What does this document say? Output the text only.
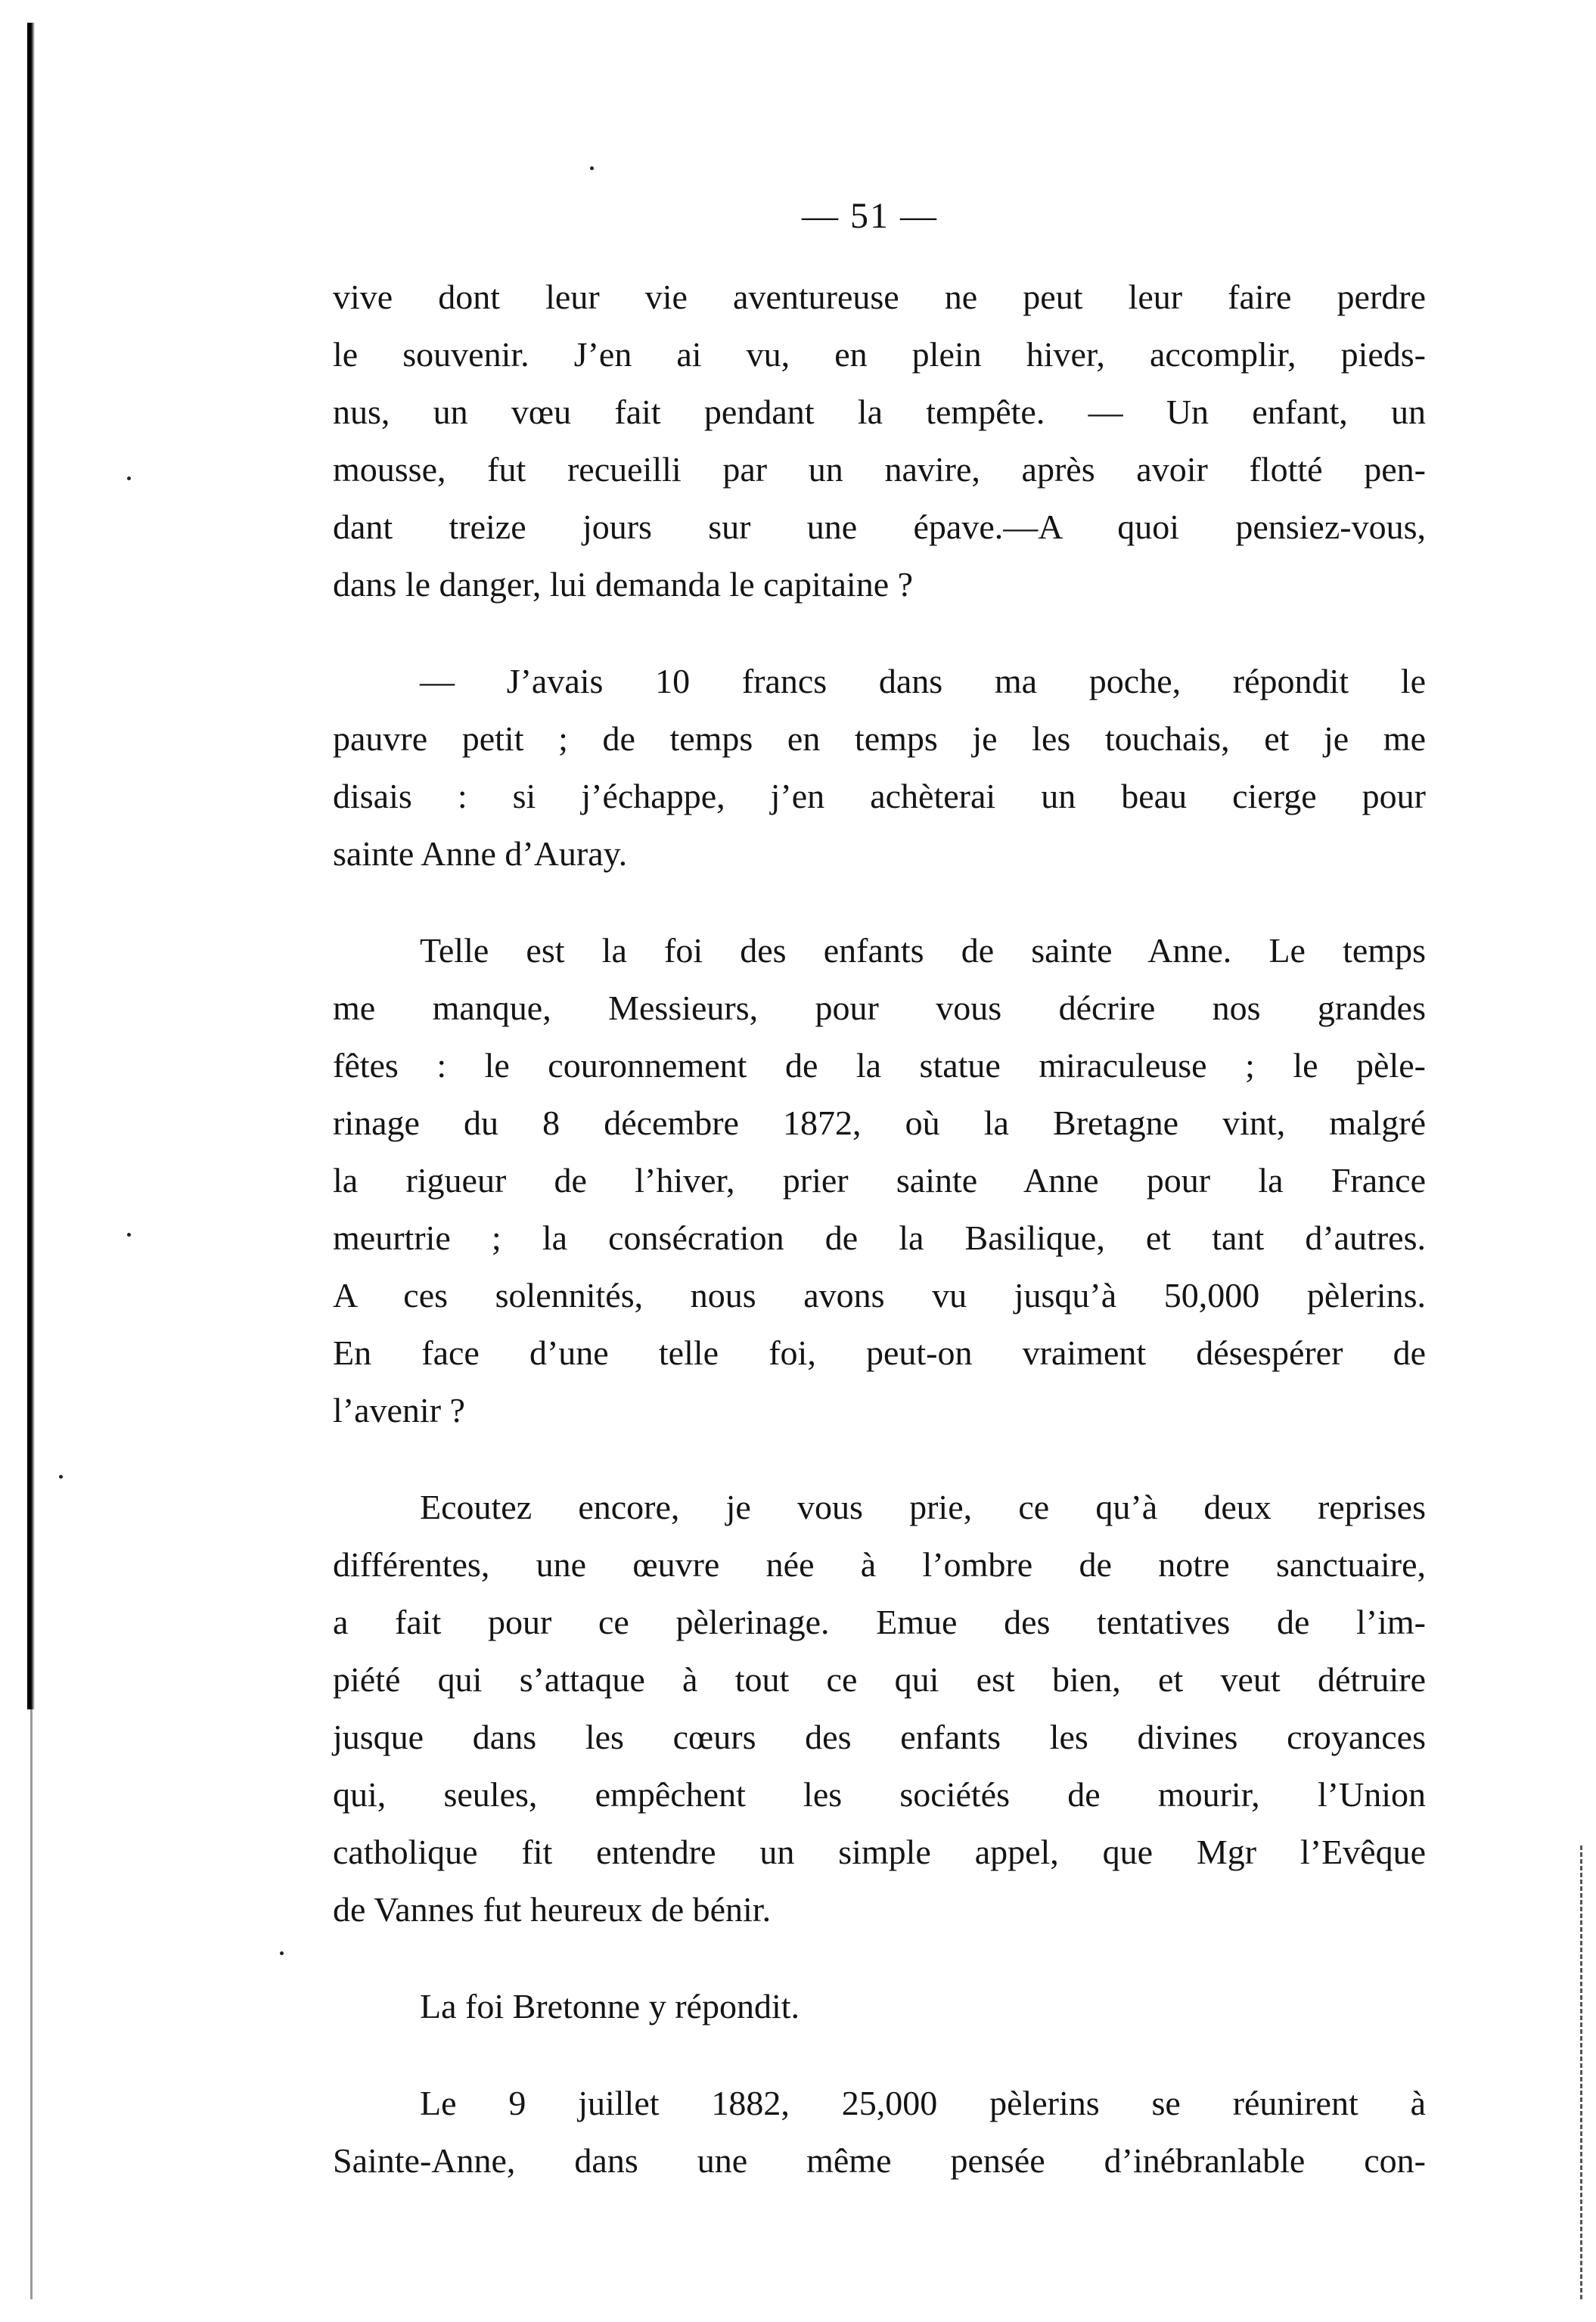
— 51 —
vive dont leur vie aventureuse ne peut leur faire perdre
le souvenir. J’en ai vu, en plein hiver, accomplir, pieds-
nus, un vœu fait pendant la tempête. — Un enfant, un
mousse, fut recueilli par un navire, après avoir flotté pen-
dant treize jours sur une épave.—A quoi pensiez-vous,
dans le danger, lui demanda le capitaine ?
— J’avais 10 francs dans ma poche, répondit le
pauvre petit ; de temps en temps je les touchais, et je me
disais : si j’échappe, j’en achèterai un beau cierge pour
sainte Anne d’Auray.
Telle est la foi des enfants de sainte Anne. Le temps
me manque, Messieurs, pour vous décrire nos grandes
fêtes : le couronnement de la statue miraculeuse ; le pèle-
rinage du 8 décembre 1872, où la Bretagne vint, malgré
la rigueur de l’hiver, prier sainte Anne pour la France
meurtrie ; la consécration de la Basilique, et tant d’autres.
A ces solennités, nous avons vu jusqu’à 50,000 pèlerins.
En face d’une telle foi, peut-on vraiment désespérer de
l’avenir ?
Ecoutez encore, je vous prie, ce qu’à deux reprises
différentes, une œuvre née à l’ombre de notre sanctuaire,
a fait pour ce pèlerinage. Emue des tentatives de l’im-
piété qui s’attaque à tout ce qui est bien, et veut détruire
jusque dans les cœurs des enfants les divines croyances
qui, seules, empêchent les sociétés de mourir, l’Union
catholique fit entendre un simple appel, que Mgr l’Evêque
de Vannes fut heureux de bénir.
La foi Bretonne y répondit.
Le 9 juillet 1882, 25,000 pèlerins se réunirent à
Sainte-Anne, dans une même pensée d’inébranlable con-
